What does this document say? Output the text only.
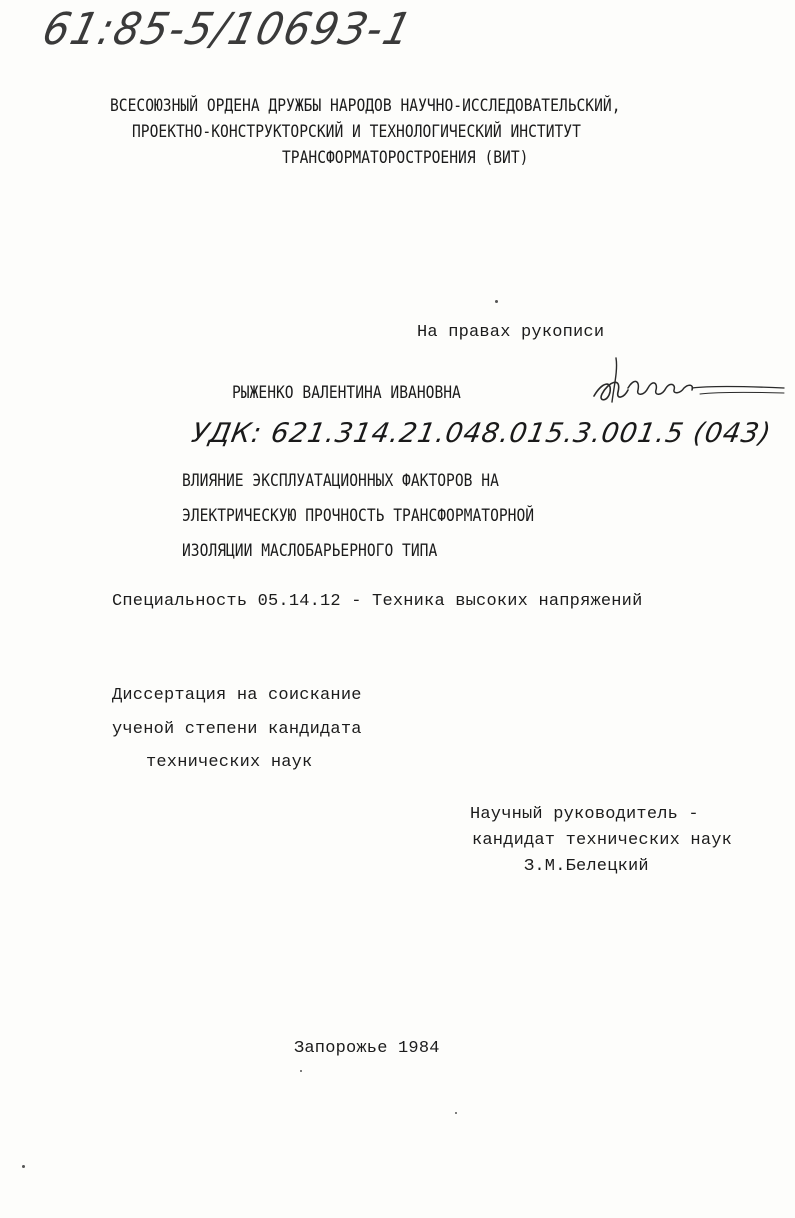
61:85-5/1069З-1
ВСЕСОЮЗНЫЙ ОРДЕНА ДРУЖБЫ НАРОДОВ НАУЧНО-ИССЛЕДОВАТЕЛЬСКИЙ,
ПРОЕКТНО-КОНСТРУКТОРСКИЙ И ТЕХНОЛОГИЧЕСКИЙ ИНСТИТУТ
ТРАНСФОРМАТОРОСТРОЕНИЯ (ВИТ)
На правах рукописи
РЫЖЕНКО ВАЛЕНТИНА ИВАНОВНА
УДК: 621.314.21.048.015.3.001.5 (043)
ВЛИЯНИЕ ЭКСПЛУАТАЦИОННЫХ ФАКТОРОВ НА
ЭЛЕКТРИЧЕСКУЮ ПРОЧНОСТЬ ТРАНСФОРМАТОРНОЙ
ИЗОЛЯЦИИ МАСЛОБАРЬЕРНОГО ТИПА
Специальность 05.14.12 - Техника высоких напряжений
Диссертация на соискание
ученой степени кандидата
технических наук
Научный руководитель -
кандидат технических наук
З.М.Белецкий
Запорожье 1984
